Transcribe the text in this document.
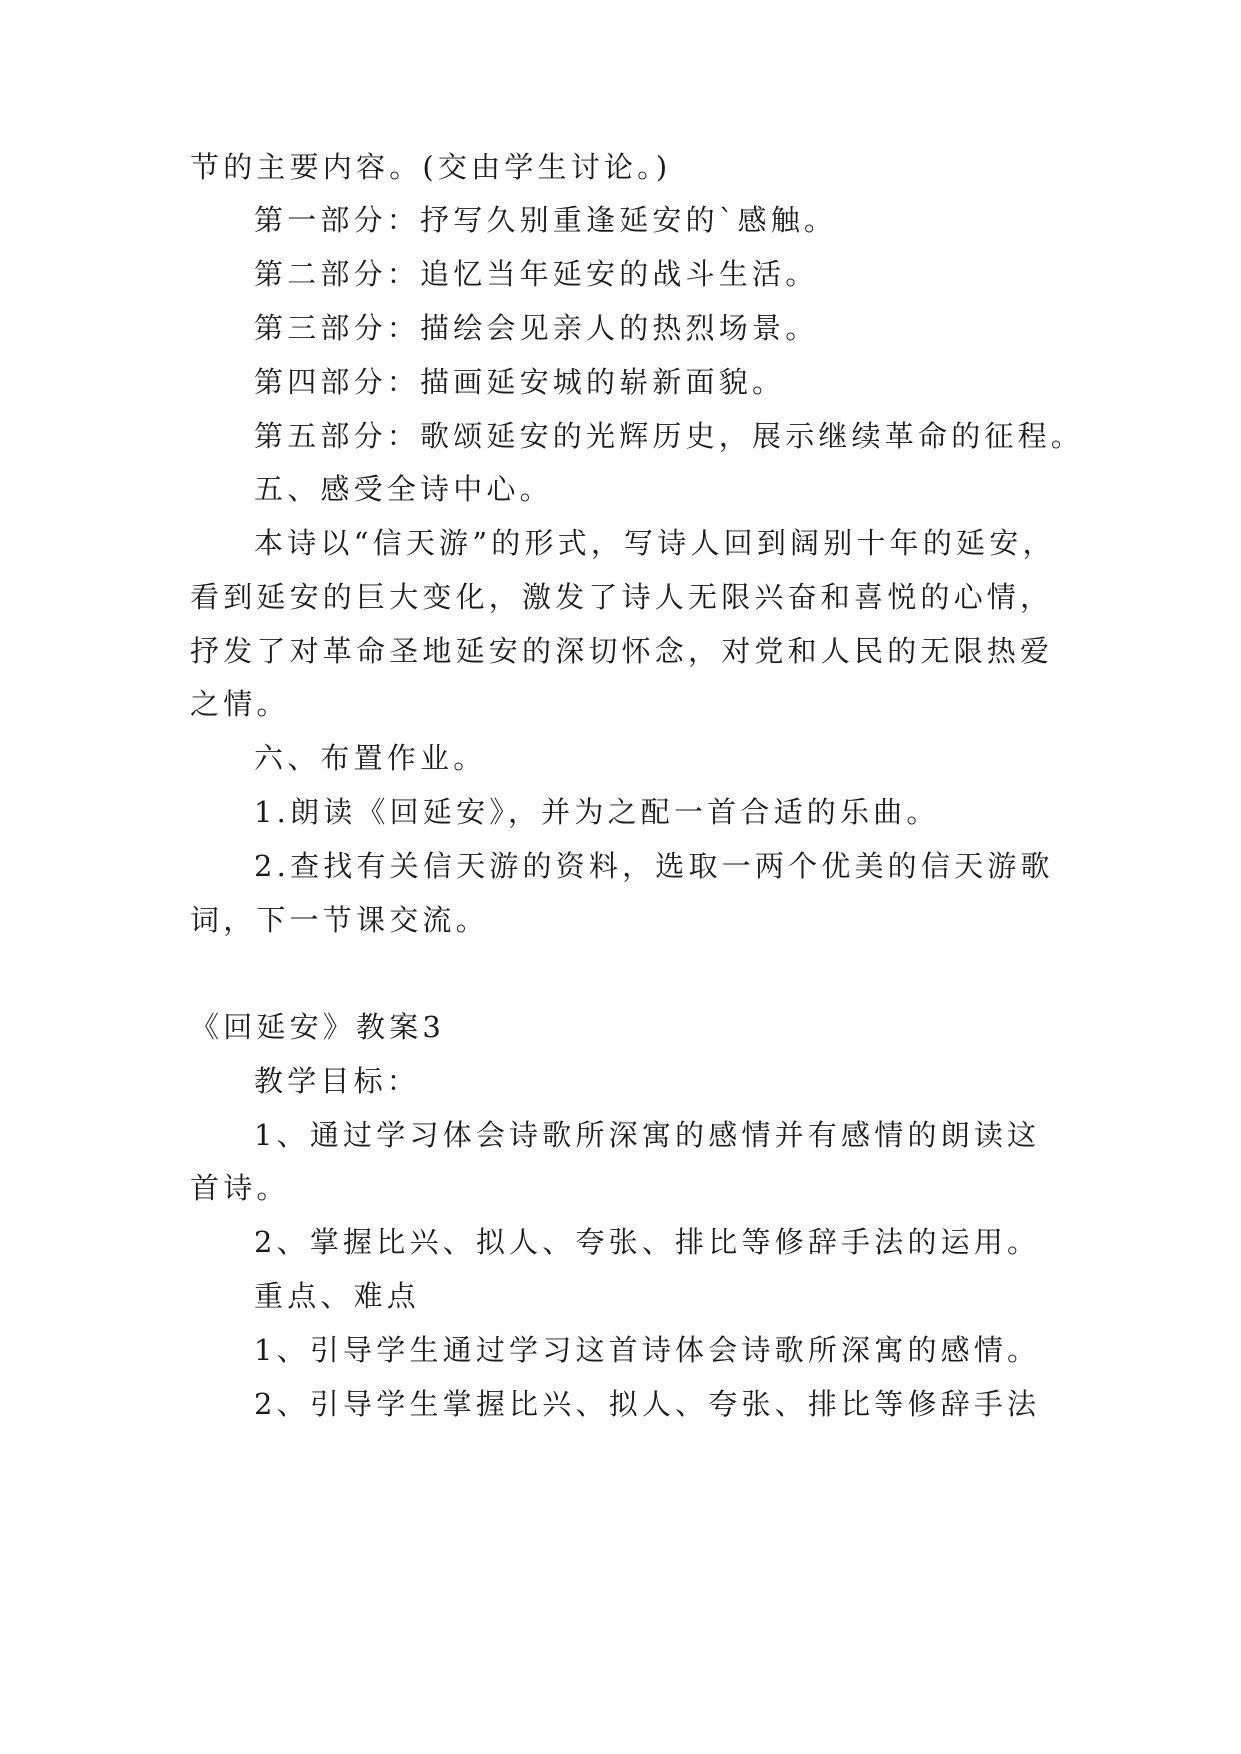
节的主要内容。(交由学生讨论。)
第一部分：抒写久别重逢延安的`感触。
第二部分：追忆当年延安的战斗生活。
第三部分：描绘会见亲人的热烈场景。
第四部分：描画延安城的崭新面貌。
第五部分：歌颂延安的光辉历史，展示继续革命的征程。
五、感受全诗中心。
本诗以“信天游”的形式，写诗人回到阔别十年的延安，
看到延安的巨大变化，激发了诗人无限兴奋和喜悦的心情，
抒发了对革命圣地延安的深切怀念，对党和人民的无限热爱
之情。
六、布置作业。
1.朗读《回延安》，并为之配一首合适的乐曲。
2.查找有关信天游的资料，选取一两个优美的信天游歌
词，下一节课交流。
《回延安》教案3
教学目标：
1、通过学习体会诗歌所深寓的感情并有感情的朗读这
首诗。
2、掌握比兴、拟人、夸张、排比等修辞手法的运用。
重点、难点
1、引导学生通过学习这首诗体会诗歌所深寓的感情。
2、引导学生掌握比兴、拟人、夸张、排比等修辞手法
